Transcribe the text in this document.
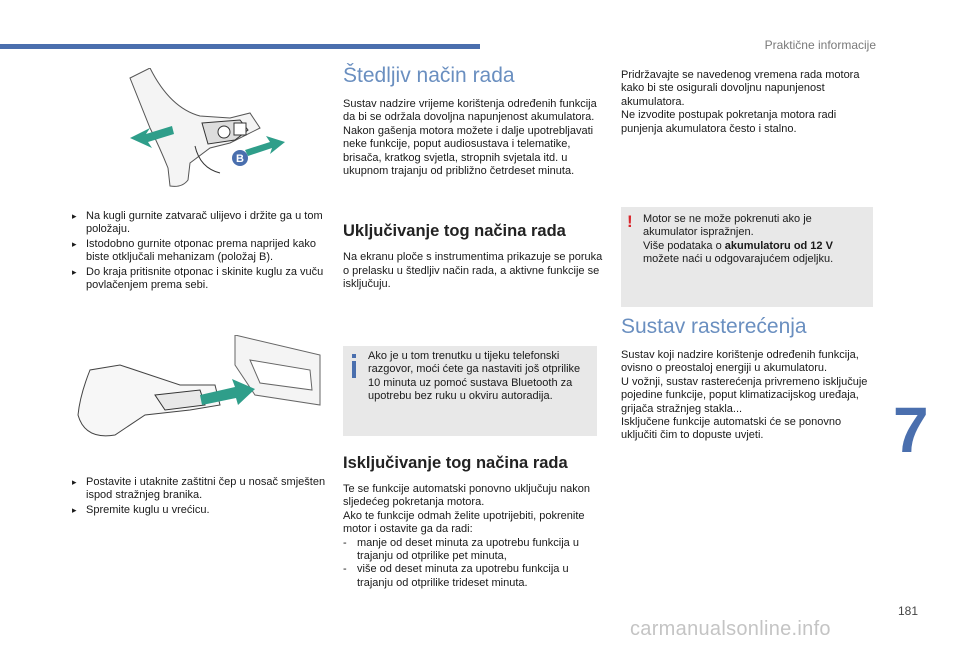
Praktične informacije
B
▸ Na kugli gurnite zatvarač ulijevo i držite ga u tom položaju.
▸ Istodobno gurnite otponac prema naprijed kako biste otključali mehanizam (položaj B).
▸ Do kraja pritisnite otponac i skinite kuglu za vuču povlačenjem prema sebi.
▸ Postavite i utaknite zaštitni čep u nosač smješten ispod stražnjeg branika.
▸ Spremite kuglu u vrećicu.
Štedljiv način rada
Sustav nadzire vrijeme korištenja određenih funkcija da bi se održala dovoljna napunjenost akumulatora.
Nakon gašenja motora možete i dalje upotrebljavati neke funkcije, poput audiosustava i telematike, brisača, kratkog svjetla, stropnih svjetala itd. u ukupnom trajanju od približno četrdeset minuta.
Uključivanje tog načina rada
Na ekranu ploče s instrumentima prikazuje se poruka o prelasku u štedljiv način rada, a aktivne funkcije se isključuju.
Ako je u tom trenutku u tijeku telefonski razgovor, moći ćete ga nastaviti još otprilike 10 minuta uz pomoć sustava Bluetooth za upotrebu bez ruku u okviru autoradija.
Isključivanje tog načina rada
Te se funkcije automatski ponovno uključuju nakon sljedećeg pokretanja motora.
Ako te funkcije odmah želite upotrijebiti, pokrenite motor i ostavite ga da radi:
- manje od deset minuta za upotrebu funkcija u trajanju od otprilike pet minuta,
- više od deset minuta za upotrebu funkcija u trajanju od otprilike trideset minuta.
Pridržavajte se navedenog vremena rada motora kako bi ste osigurali dovoljnu napunjenost akumulatora.
Ne izvodite postupak pokretanja motora radi punjenja akumulatora često i stalno.
! Motor se ne može pokrenuti ako je akumulator ispražnjen.
Više podataka o akumulatoru od 12 V možete naći u odgovarajućem odjeljku.
Sustav rasterećenja
Sustav koji nadzire korištenje određenih funkcija, ovisno o preostaloj energiji u akumulatoru.
U vožnji, sustav rasterećenja privremeno isključuje pojedine funkcije, poput klimatizacijskog uređaja, grijača stražnjeg stakla...
Isključene funkcije automatski će se ponovno uključiti čim to dopuste uvjeti.	7
181
carmanualsonline.info
